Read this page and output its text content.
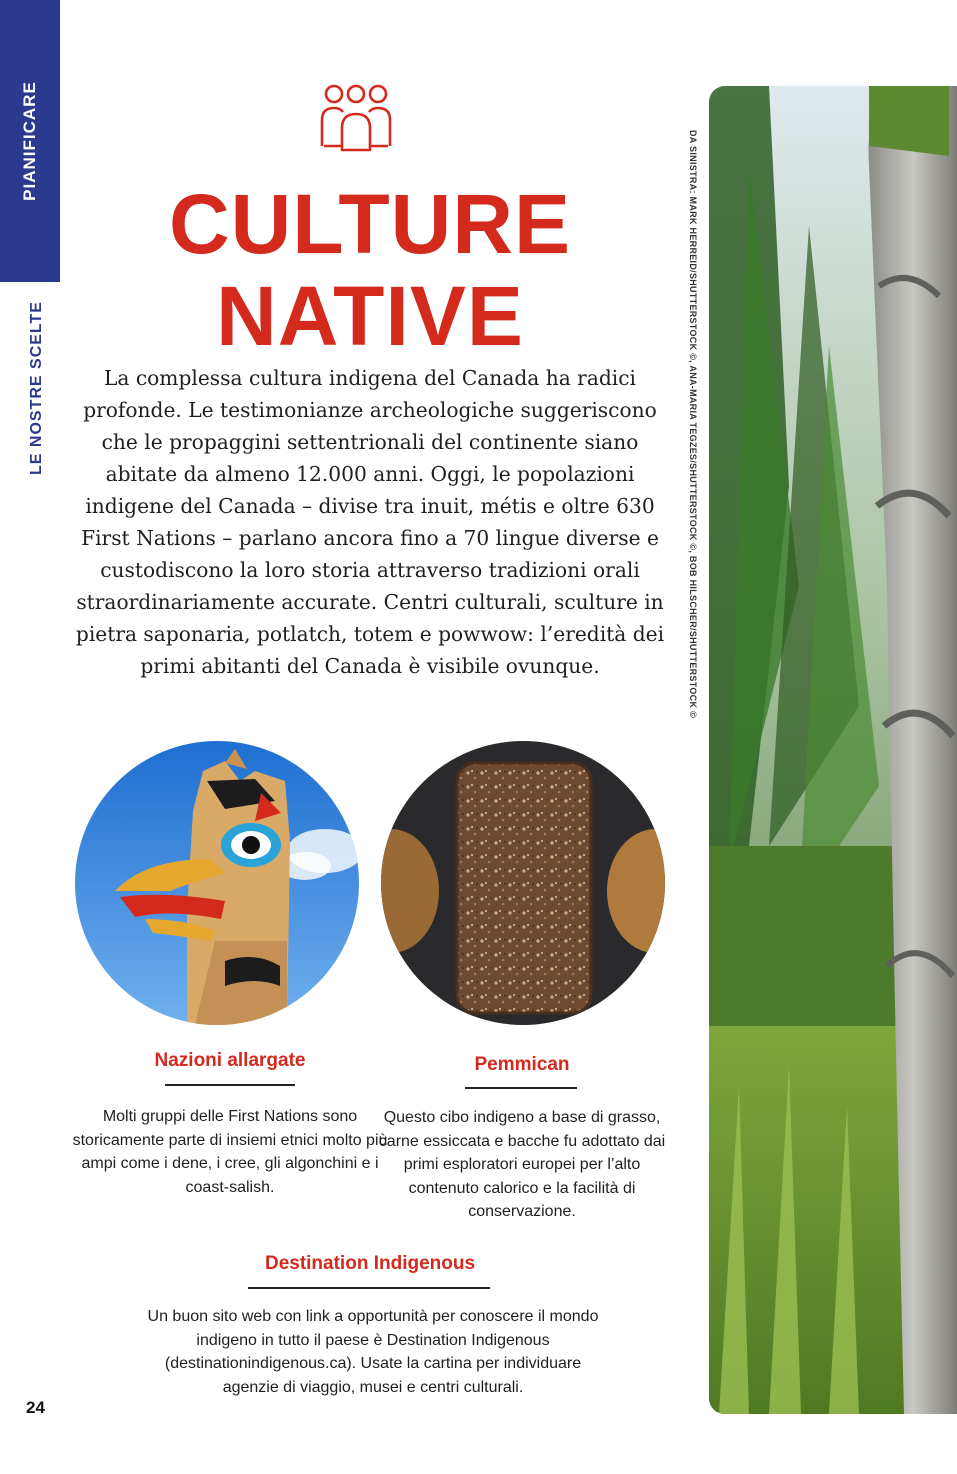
PIANIFICARE
LE NOSTRE SCELTE
CULTURE
NATIVE

La complessa cultura indigena del Canada ha radici profonde. Le testimonianze archeologiche suggeriscono che le propaggini settentrionali del continente siano abitate da almeno 12.000 anni. Oggi, le popolazioni indigene del Canada – divise tra inuit, métis e oltre 630 First Nations – parlano ancora fino a 70 lingue diverse e custodiscono la loro storia attraverso tradizioni orali straordinariamente accurate. Centri culturali, sculture in pietra saponaria, potlatch, totem e powwow: l’eredità dei primi abitanti del Canada è visibile ovunque.

Nazioni allargate

Molti gruppi delle First Nations sono storicamente parte di insiemi etnici molto più ampi come i dene, i cree, gli algonchini e i coast-salish.

Pemmican

Questo cibo indigeno a base di grasso, carne essiccata e bacche fu adottato dai primi esploratori europei per l’alto contenuto calorico e la facilità di conservazione.

Destination Indigenous

Un buon sito web con link a opportunità per conoscere il mondo indigeno in tutto il paese è Destination Indigenous (destinationindigenous.ca). Usate la cartina per individuare agenzie di viaggio, musei e centri culturali.

DA SINISTRA: MARK HERREID/SHUTTERSTOCK ©, ANA-MARIA TEGZES/SHUTTERSTOCK ©, BOB HILSCHER/SHUTTERSTOCK ©
24
